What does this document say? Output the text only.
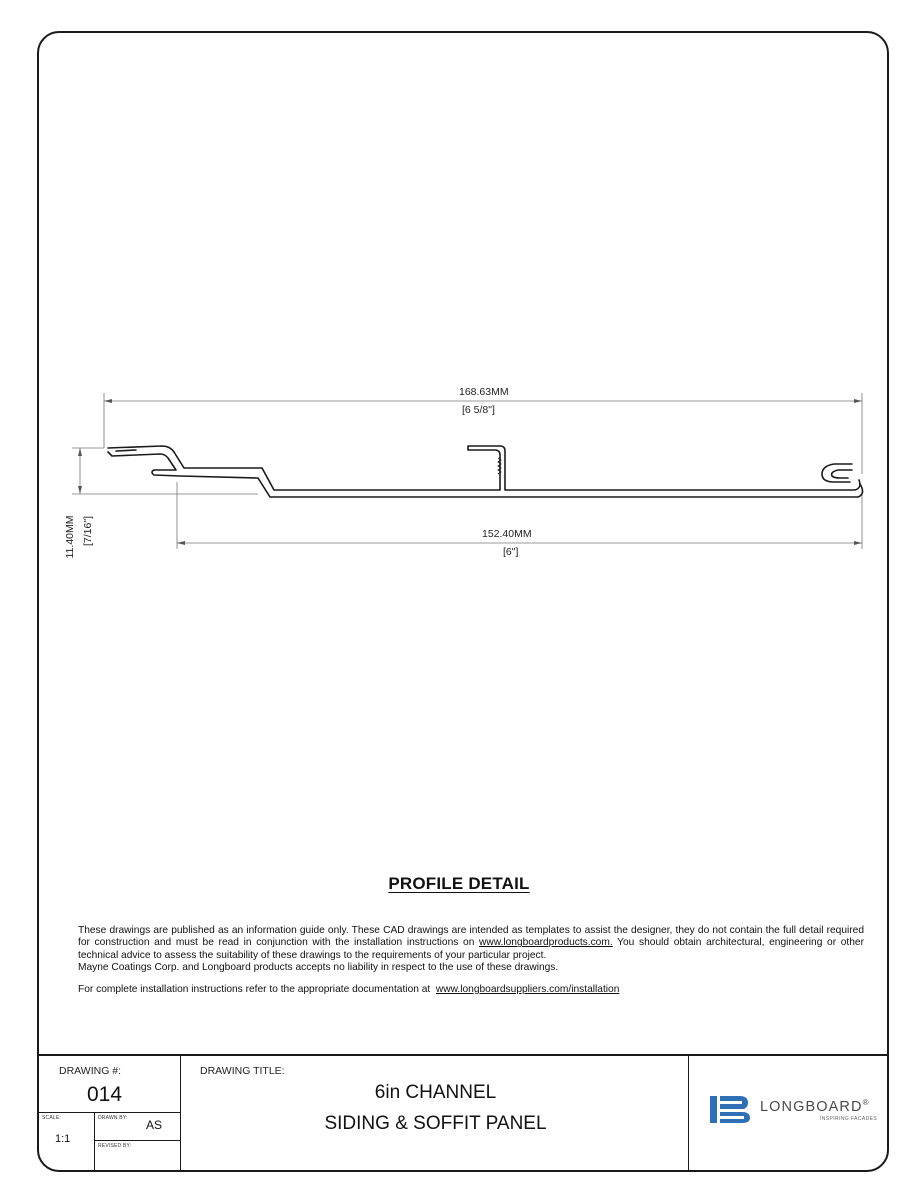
168.63MM
[6 5/8"]
152.40MM
[6"]
11.40MM [7/16"]
PROFILE DETAIL

These drawings are published as an information guide only. These CAD drawings are intended as templates to assist the designer, they do not contain the full detail required for construction and must be read in conjunction with the installation instructions on www.longboardproducts.com. You should obtain architectural, engineering or other technical advice to assess the suitability of these drawings to the requirements of your particular project.

Mayne Coatings Corp. and Longboard products accepts no liability in respect to the use of these drawings.

For complete installation instructions refer to the appropriate documentation at www.longboardsuppliers.com/installation

DRAWING #:
014
SCALE:
1:1
DRAWN BY: AS
REVISED BY:
DRAWING TITLE:
6in CHANNEL
SIDING & SOFFIT PANEL
LONGBOARD®
INSPIRING FACADES
